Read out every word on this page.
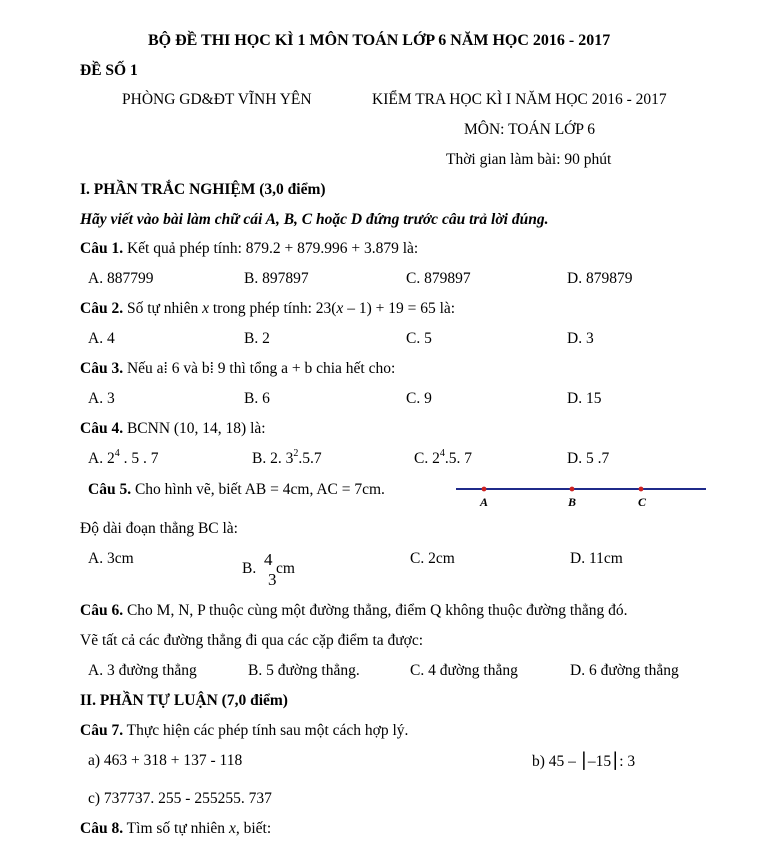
BỘ ĐỀ THI HỌC KÌ 1 MÔN TOÁN LỚP 6 NĂM HỌC 2016 - 2017
ĐỀ SỐ 1
PHÒNG GD&ĐT VĨNH YÊN	KIỂM TRA HỌC KÌ I NĂM HỌC 2016 - 2017
MÔN: TOÁN LỚP 6
Thời gian làm bài: 90 phút
I. PHẦN TRẮC NGHIỆM (3,0 điểm)
Hãy viết vào bài làm chữ cái A, B, C hoặc D đứng trước câu trả lời đúng.
Câu 1. Kết quả phép tính: 879.2 + 879.996 + 3.879 là:
A. 887799	B. 897897	C. 879897	D. 879879
Câu 2. Số tự nhiên x trong phép tính: 23(x – 1) + 19 = 65 là:
A. 4	B. 2	C. 5	D. 3
Câu 3. Nếu a⁞ 6 và b⁞ 9 thì tổng a + b chia hết cho:
A. 3	B. 6	C. 9	D. 15
Câu 4. BCNN (10, 14, 18) là:
A. $2^4$ . 5 . 7	B. 2. $3^2.5.7$	C. $2^4.5$. 7	D. 5 .7
Câu 5. Cho hình vẽ, biết AB = 4cm, AC = 7cm.
A	B	C
Độ dài đoạn thẳng BC là:
A. 3cm
B. 4 cm
3
C. 2cm	D. 11cm
Câu 6. Cho M, N, P thuộc cùng một đường thẳng, điểm Q không thuộc đường thẳng đó.
Vẽ tất cả các đường thẳng đi qua các cặp điểm ta được:
A. 3 đường thẳng	B. 5 đường thẳng.	C. 4 đường thẳng	D. 6 đường thẳng
II. PHẦN TỰ LUẬN (7,0 điểm)
Câu 7. Thực hiện các phép tính sau một cách hợp lý.
a) 463 + 318 + 137 - 118	b) 45 – ⎮–15⎮: 3
c) 737737. 255 - 255255. 737
Câu 8. Tìm số tự nhiên x, biết:
